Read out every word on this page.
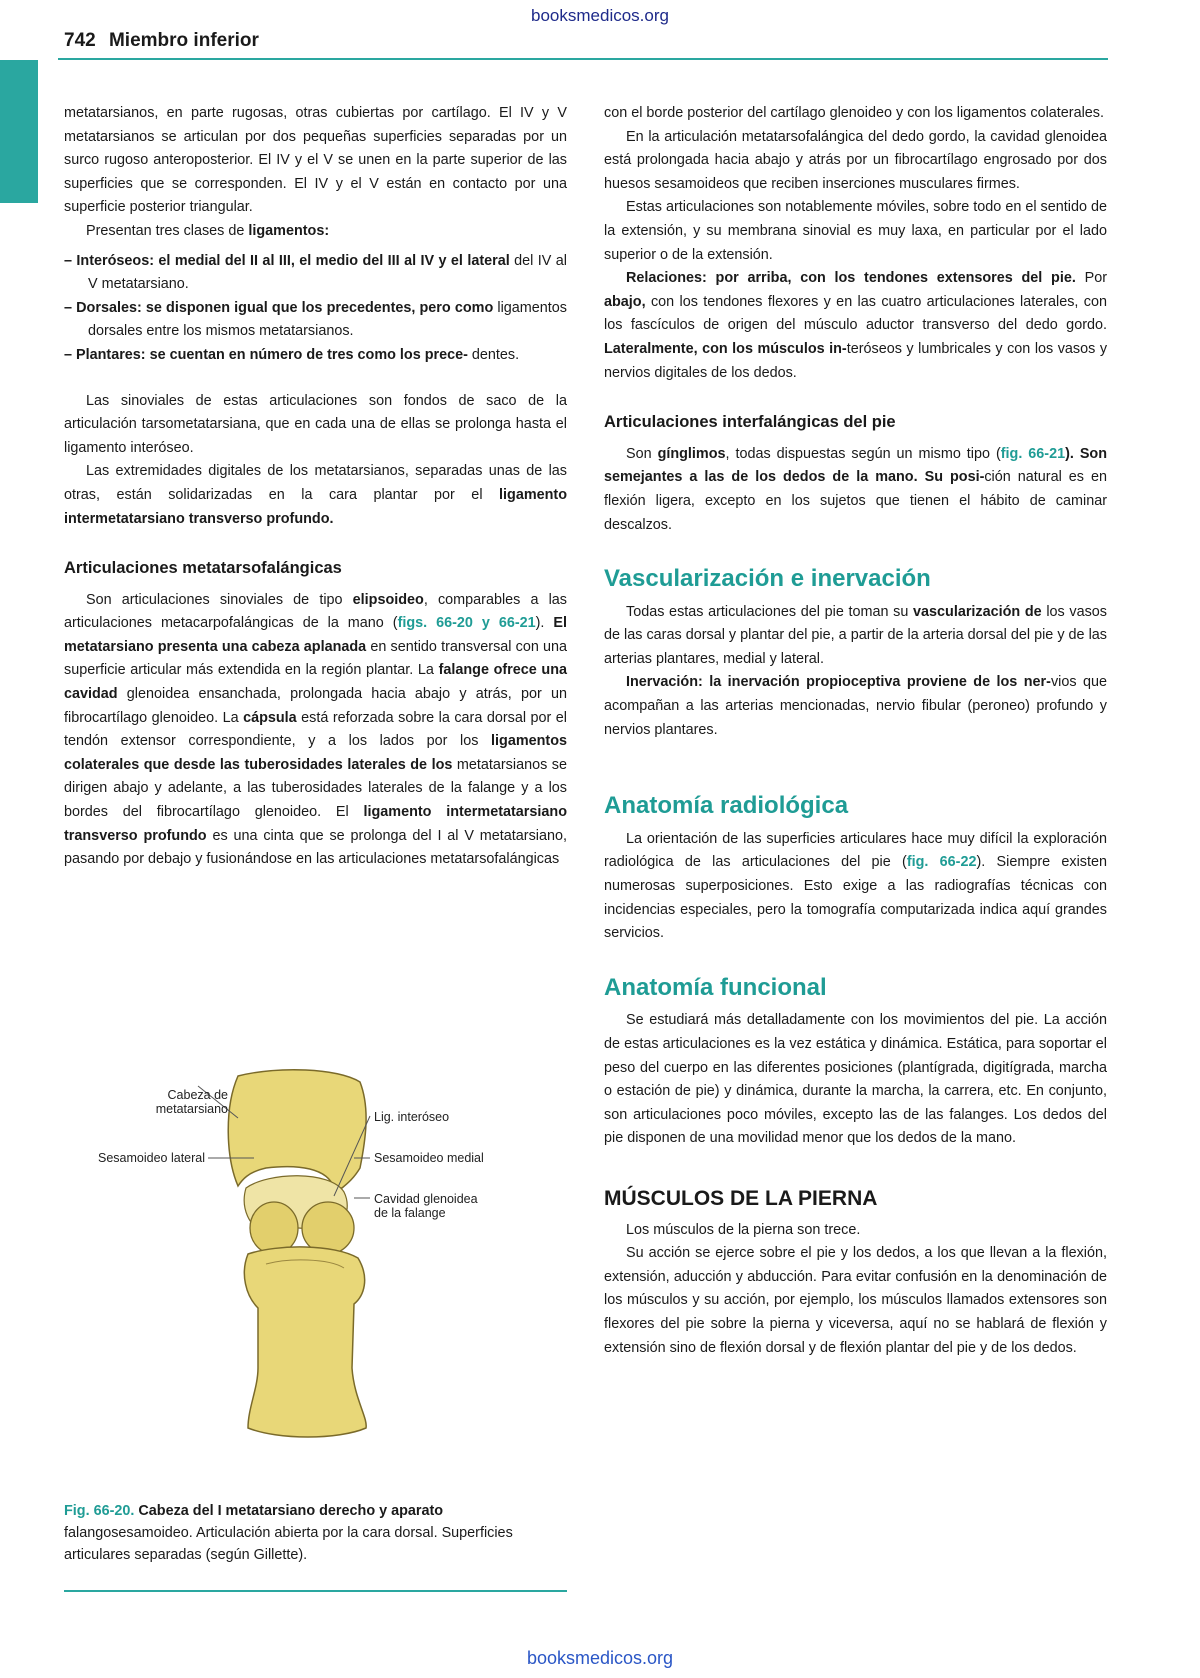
booksmedicos.org
742 Miembro inferior

metatarsianos, en parte rugosas, otras cubiertas por cartílago. El IV y V metatarsianos se articulan por dos pequeñas superficies separadas por un surco rugoso anteroposterior. El IV y el V se unen en la parte superior de las superficies que se corresponden. El IV y el V están en contacto por una superficie posterior triangular.

Presentan tres clases de ligamentos:

– Interóseos: el medial del II al III, el medio del III al IV y el lateral del IV al V metatarsiano.
– Dorsales: se disponen igual que los precedentes, pero como ligamentos dorsales entre los mismos metatarsianos.
– Plantares: se cuentan en número de tres como los prece- dentes.

Las sinoviales de estas articulaciones son fondos de saco de la articulación tarsometatarsiana, que en cada una de ellas se prolonga hasta el ligamento interóseo.

Las extremidades digitales de los metatarsianos, separadas unas de las otras, están solidarizadas en la cara plantar por el ligamento intermetatarsiano transverso profundo.

Articulaciones metatarsofalángicas

Son articulaciones sinoviales de tipo elipsoideo, comparables a las articulaciones metacarpofalángicas de la mano (figs. 66-20 y 66-21). El metatarsiano presenta una cabeza aplanada en sentido transversal con una superficie articular más extendida en la región plantar. La falange ofrece una cavidad glenoidea ensanchada, prolongada hacia abajo y atrás, por un fibrocartílago glenoideo. La cápsula está reforzada sobre la cara dorsal por el tendón extensor correspondiente, y a los lados por los ligamentos colaterales que desde las tuberosidades laterales de los metatarsianos se dirigen abajo y adelante, a las tuberosidades laterales de la falange y a los bordes del fibrocartílago glenoideo. El ligamento intermetatarsiano transverso profundo es una cinta que se prolonga del I al V metatarsiano, pasando por debajo y fusionándose en las articulaciones metatarsofalángicas

Cabeza de metatarsiano
Lig. interóseo
Sesamoideo lateral	Sesamoideo medial
Cavidad glenoidea de la falange
Fig. 66-20. Cabeza del I metatarsiano derecho y aparato falangosesamoideo. Articulación abierta por la cara dorsal. Superficies articulares separadas (según Gillette).

con el borde posterior del cartílago glenoideo y con los ligamentos colaterales.

En la articulación metatarsofalángica del dedo gordo, la cavidad glenoidea está prolongada hacia abajo y atrás por un fibrocartílago engrosado por dos huesos sesamoideos que reciben inserciones musculares firmes.

Estas articulaciones son notablemente móviles, sobre todo en el sentido de la extensión, y su membrana sinovial es muy laxa, en particular por el lado superior o de la extensión.

Relaciones: por arriba, con los tendones extensores del pie. Por abajo, con los tendones flexores y en las cuatro articulaciones laterales, con los fascículos de origen del músculo aductor transverso del dedo gordo. Lateralmente, con los músculos in-teróseos y lumbricales y con los vasos y nervios digitales de los dedos.

Articulaciones interfalángicas del pie

Son gínglimos, todas dispuestas según un mismo tipo (fig. 66-21). Son semejantes a las de los dedos de la mano. Su posi-ción natural es en flexión ligera, excepto en los sujetos que tienen el hábito de caminar descalzos.

Vascularización e inervación

Todas estas articulaciones del pie toman su vascularización de los vasos de las caras dorsal y plantar del pie, a partir de la arteria dorsal del pie y de las arterias plantares, medial y lateral.

Inervación: la inervación propioceptiva proviene de los ner-vios que acompañan a las arterias mencionadas, nervio fibular (peroneo) profundo y nervios plantares.

Anatomía radiológica

La orientación de las superficies articulares hace muy difícil la exploración radiológica de las articulaciones del pie (fig. 66-22). Siempre existen numerosas superposiciones. Esto exige a las radiografías técnicas con incidencias especiales, pero la tomografía computarizada indica aquí grandes servicios.

Anatomía funcional

Se estudiará más detalladamente con los movimientos del pie. La acción de estas articulaciones es la vez estática y dinámica. Estática, para soportar el peso del cuerpo en las diferentes posiciones (plantígrada, digitígrada, marcha o estación de pie) y dinámica, durante la marcha, la carrera, etc. En conjunto, son articulaciones poco móviles, excepto las de las falanges. Los dedos del pie disponen de una movilidad menor que los dedos de la mano.

MÚSCULOS DE LA PIERNA

Los músculos de la pierna son trece.

Su acción se ejerce sobre el pie y los dedos, a los que llevan a la flexión, extensión, aducción y abducción. Para evitar confusión en la denominación de los músculos y su acción, por ejemplo, los músculos llamados extensores son flexores del pie sobre la pierna y viceversa, aquí no se hablará de flexión y extensión sino de flexión dorsal y de flexión plantar del pie y de los dedos.

booksmedicos.org
